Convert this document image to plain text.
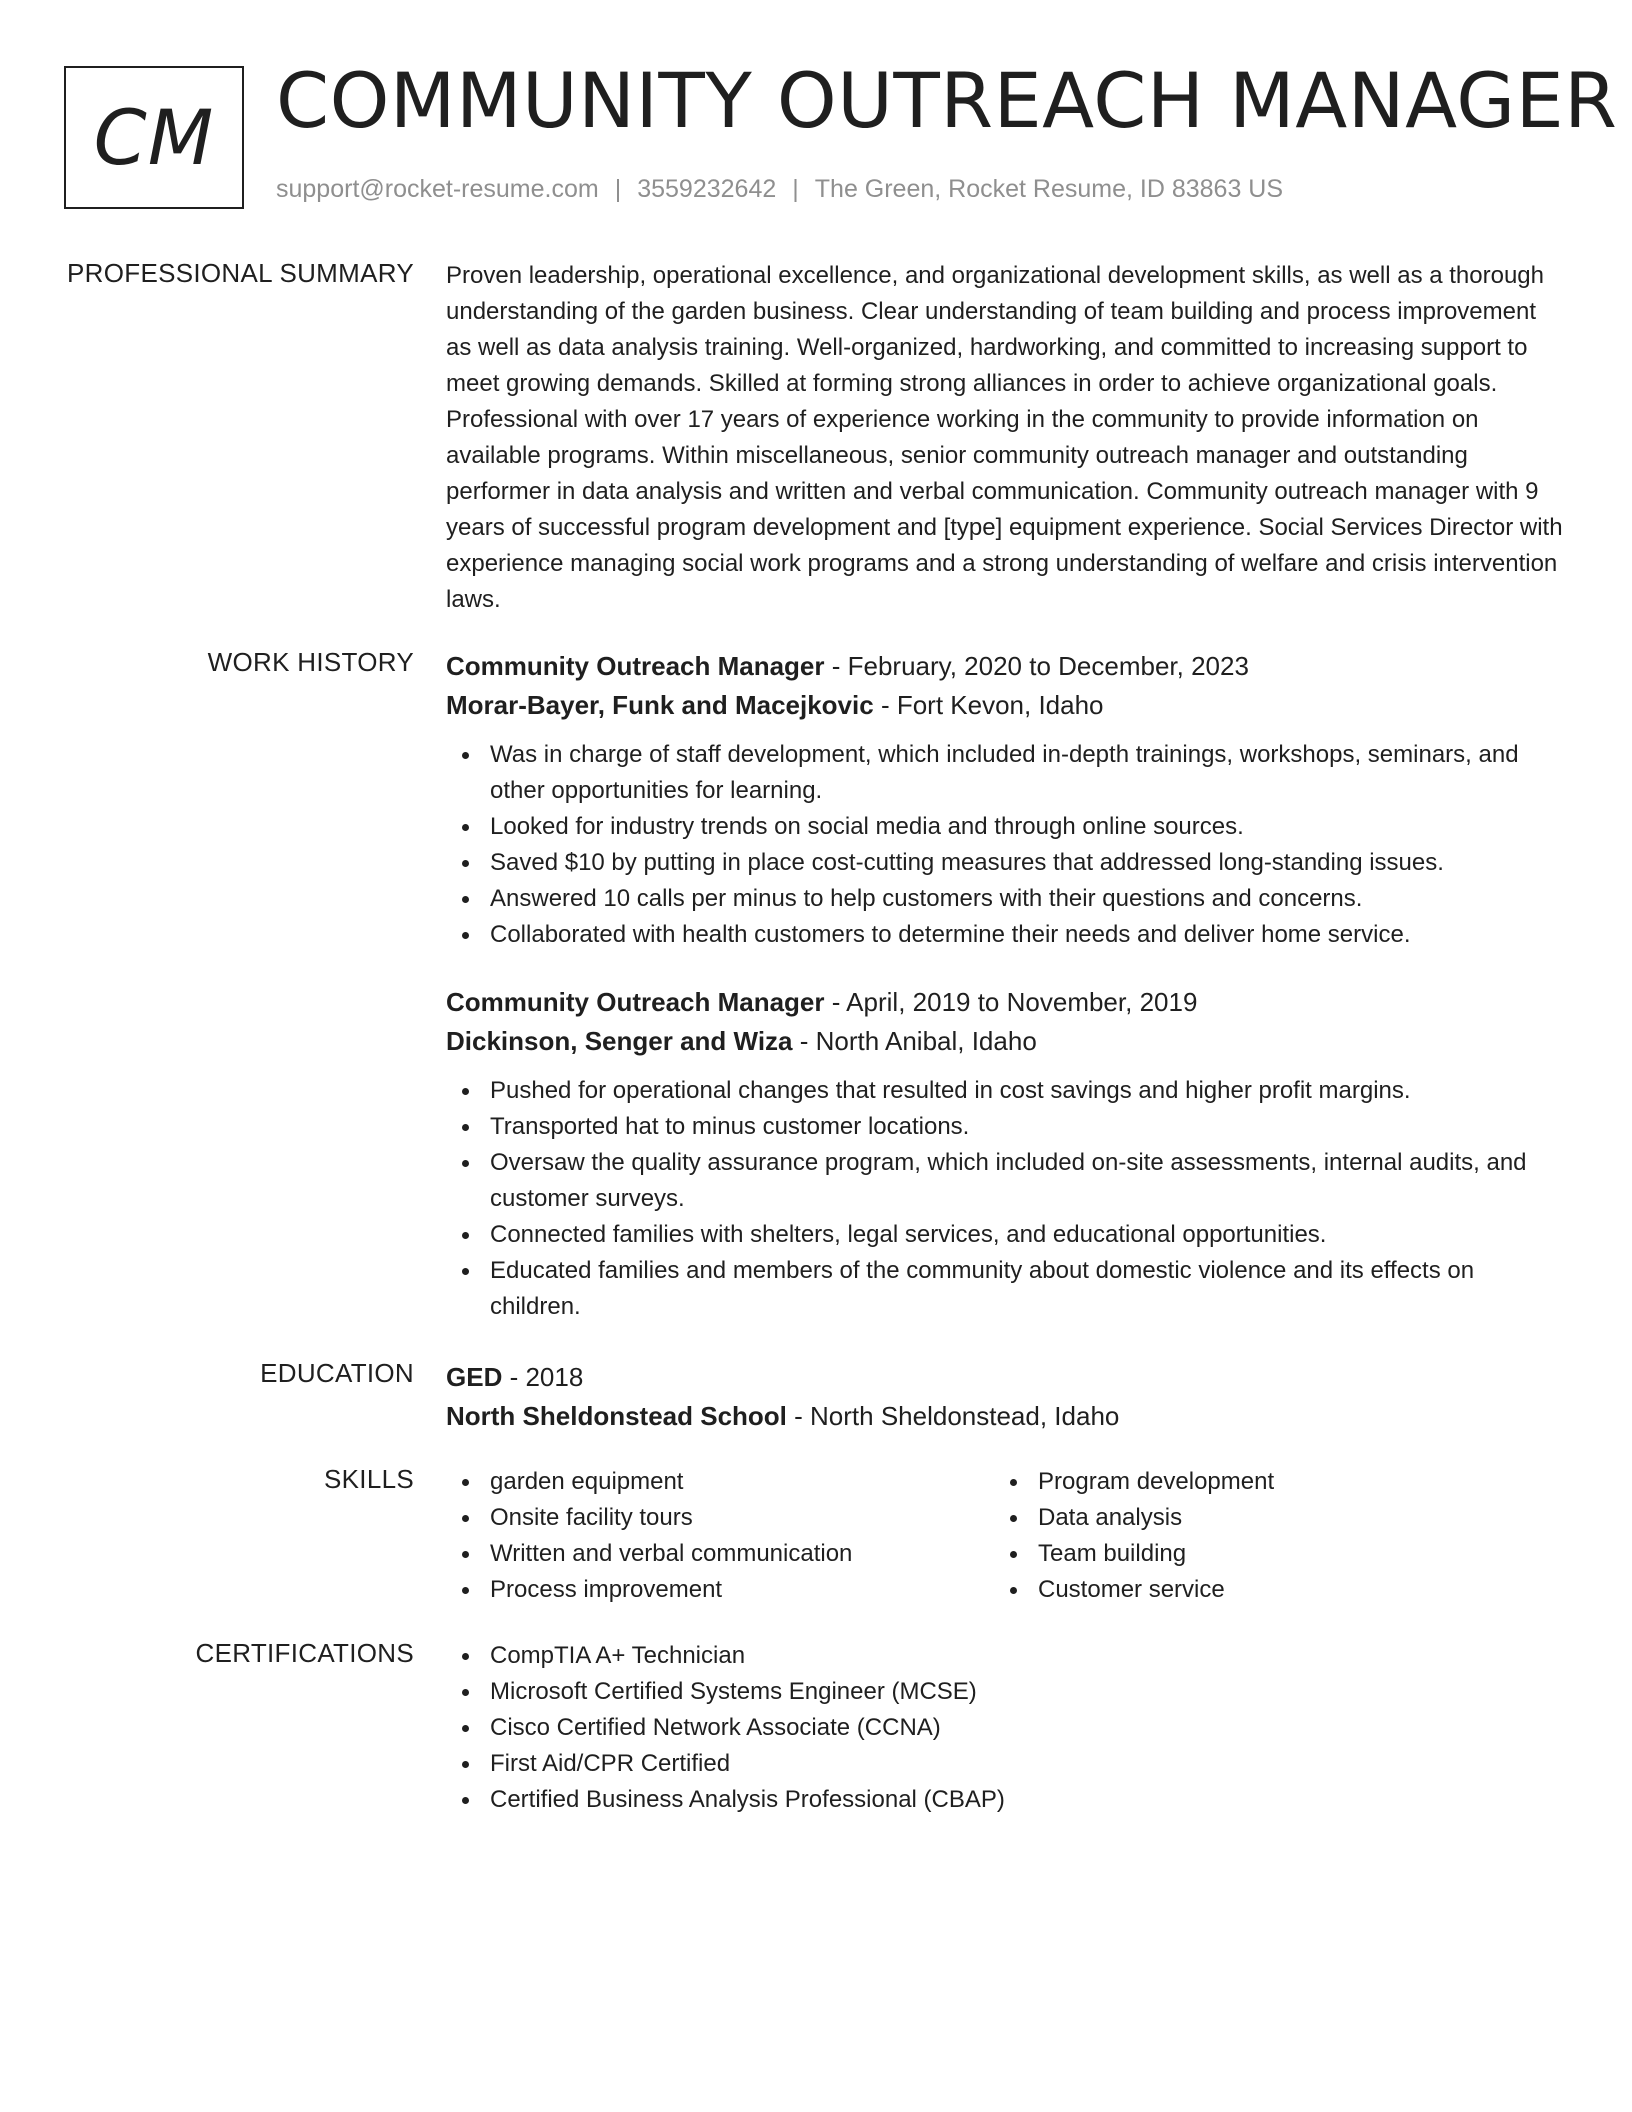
CM COMMUNITY OUTREACH MANAGER
support@rocket-resume.com | 3559232642 | The Green, Rocket Resume, ID 83863 US
PROFESSIONAL SUMMARY Proven leadership, operational excellence, and organizational development skills, as well as a thorough understanding of the garden business. Clear understanding of team building and process improvement as well as data analysis training. Well-organized, hardworking, and committed to increasing support to meet growing demands. Skilled at forming strong alliances in order to achieve organizational goals. Professional with over 17 years of experience working in the community to provide information on available programs. Within miscellaneous, senior community outreach manager and outstanding performer in data analysis and written and verbal communication. Community outreach manager with 9 years of successful program development and [type] equipment experience. Social Services Director with experience managing social work programs and a strong understanding of welfare and crisis intervention laws.

WORK HISTORY Community Outreach Manager - February, 2020 to December, 2023
Morar-Bayer, Funk and Macejkovic - Fort Kevon, Idaho
Was in charge of staff development, which included in-depth trainings, workshops, seminars, and other opportunities for learning.
Looked for industry trends on social media and through online sources.
Saved $10 by putting in place cost-cutting measures that addressed long-standing issues.
Answered 10 calls per minus to help customers with their questions and concerns.
Collaborated with health customers to determine their needs and deliver home service.
Community Outreach Manager - April, 2019 to November, 2019
Dickinson, Senger and Wiza - North Anibal, Idaho
Pushed for operational changes that resulted in cost savings and higher profit margins.
Transported hat to minus customer locations.
Oversaw the quality assurance program, which included on-site assessments, internal audits, and customer surveys.
Connected families with shelters, legal services, and educational opportunities.
Educated families and members of the community about domestic violence and its effects on children.
EDUCATION GED - 2018
North Sheldonstead School - North Sheldonstead, Idaho
SKILLS	garden equipment
Onsite facility tours
Written and verbal communication
Process improvement
Program development
Data analysis
Team building
Customer service
CERTIFICATIONS	CompTIA A+ Technician
Microsoft Certified Systems Engineer (MCSE)
Cisco Certified Network Associate (CCNA)
First Aid/CPR Certified
Certified Business Analysis Professional (CBAP)
